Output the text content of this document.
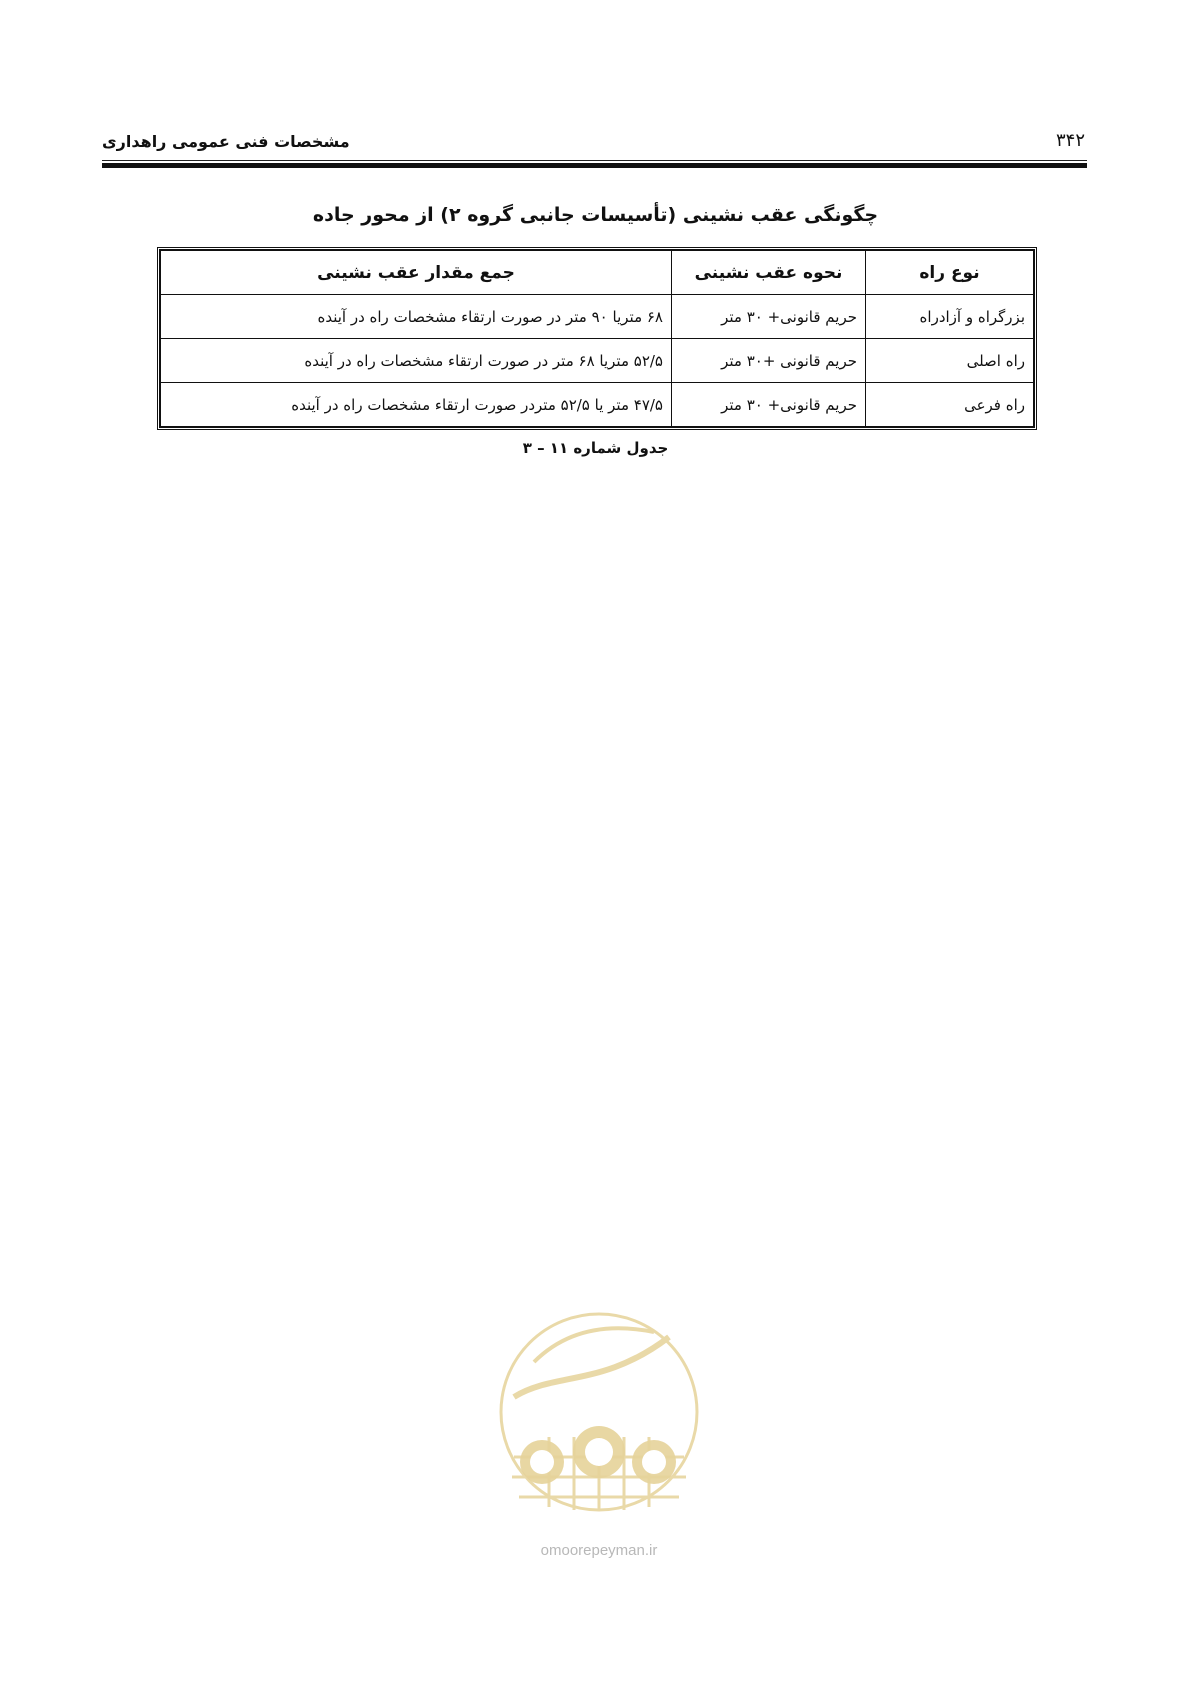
مشخصات فنی عمومی راهداری	۳۴۲
چگونگی عقب نشینی (تأسیسات جانبی گروه ۲) از محور جاده
نوع راه	نحوه عقب نشینی	جمع مقدار عقب نشینی
بزرگراه و آزادراه	حریم قانونی+ ۳۰ متر	۶۸ متریا ۹۰ متر در صورت ارتقاء مشخصات راه در آینده
راه اصلی	حریم قانونی +۳۰ متر	۵۲/۵ متریا ۶۸ متر در صورت ارتقاء مشخصات راه در آینده
راه فرعی	حریم قانونی+ ۳۰ متر	۴۷/۵ متر یا ۵۲/۵ متردر صورت ارتقاء مشخصات راه در آینده
جدول شماره ۱۱ – ۳
omoorepeyman.ir
